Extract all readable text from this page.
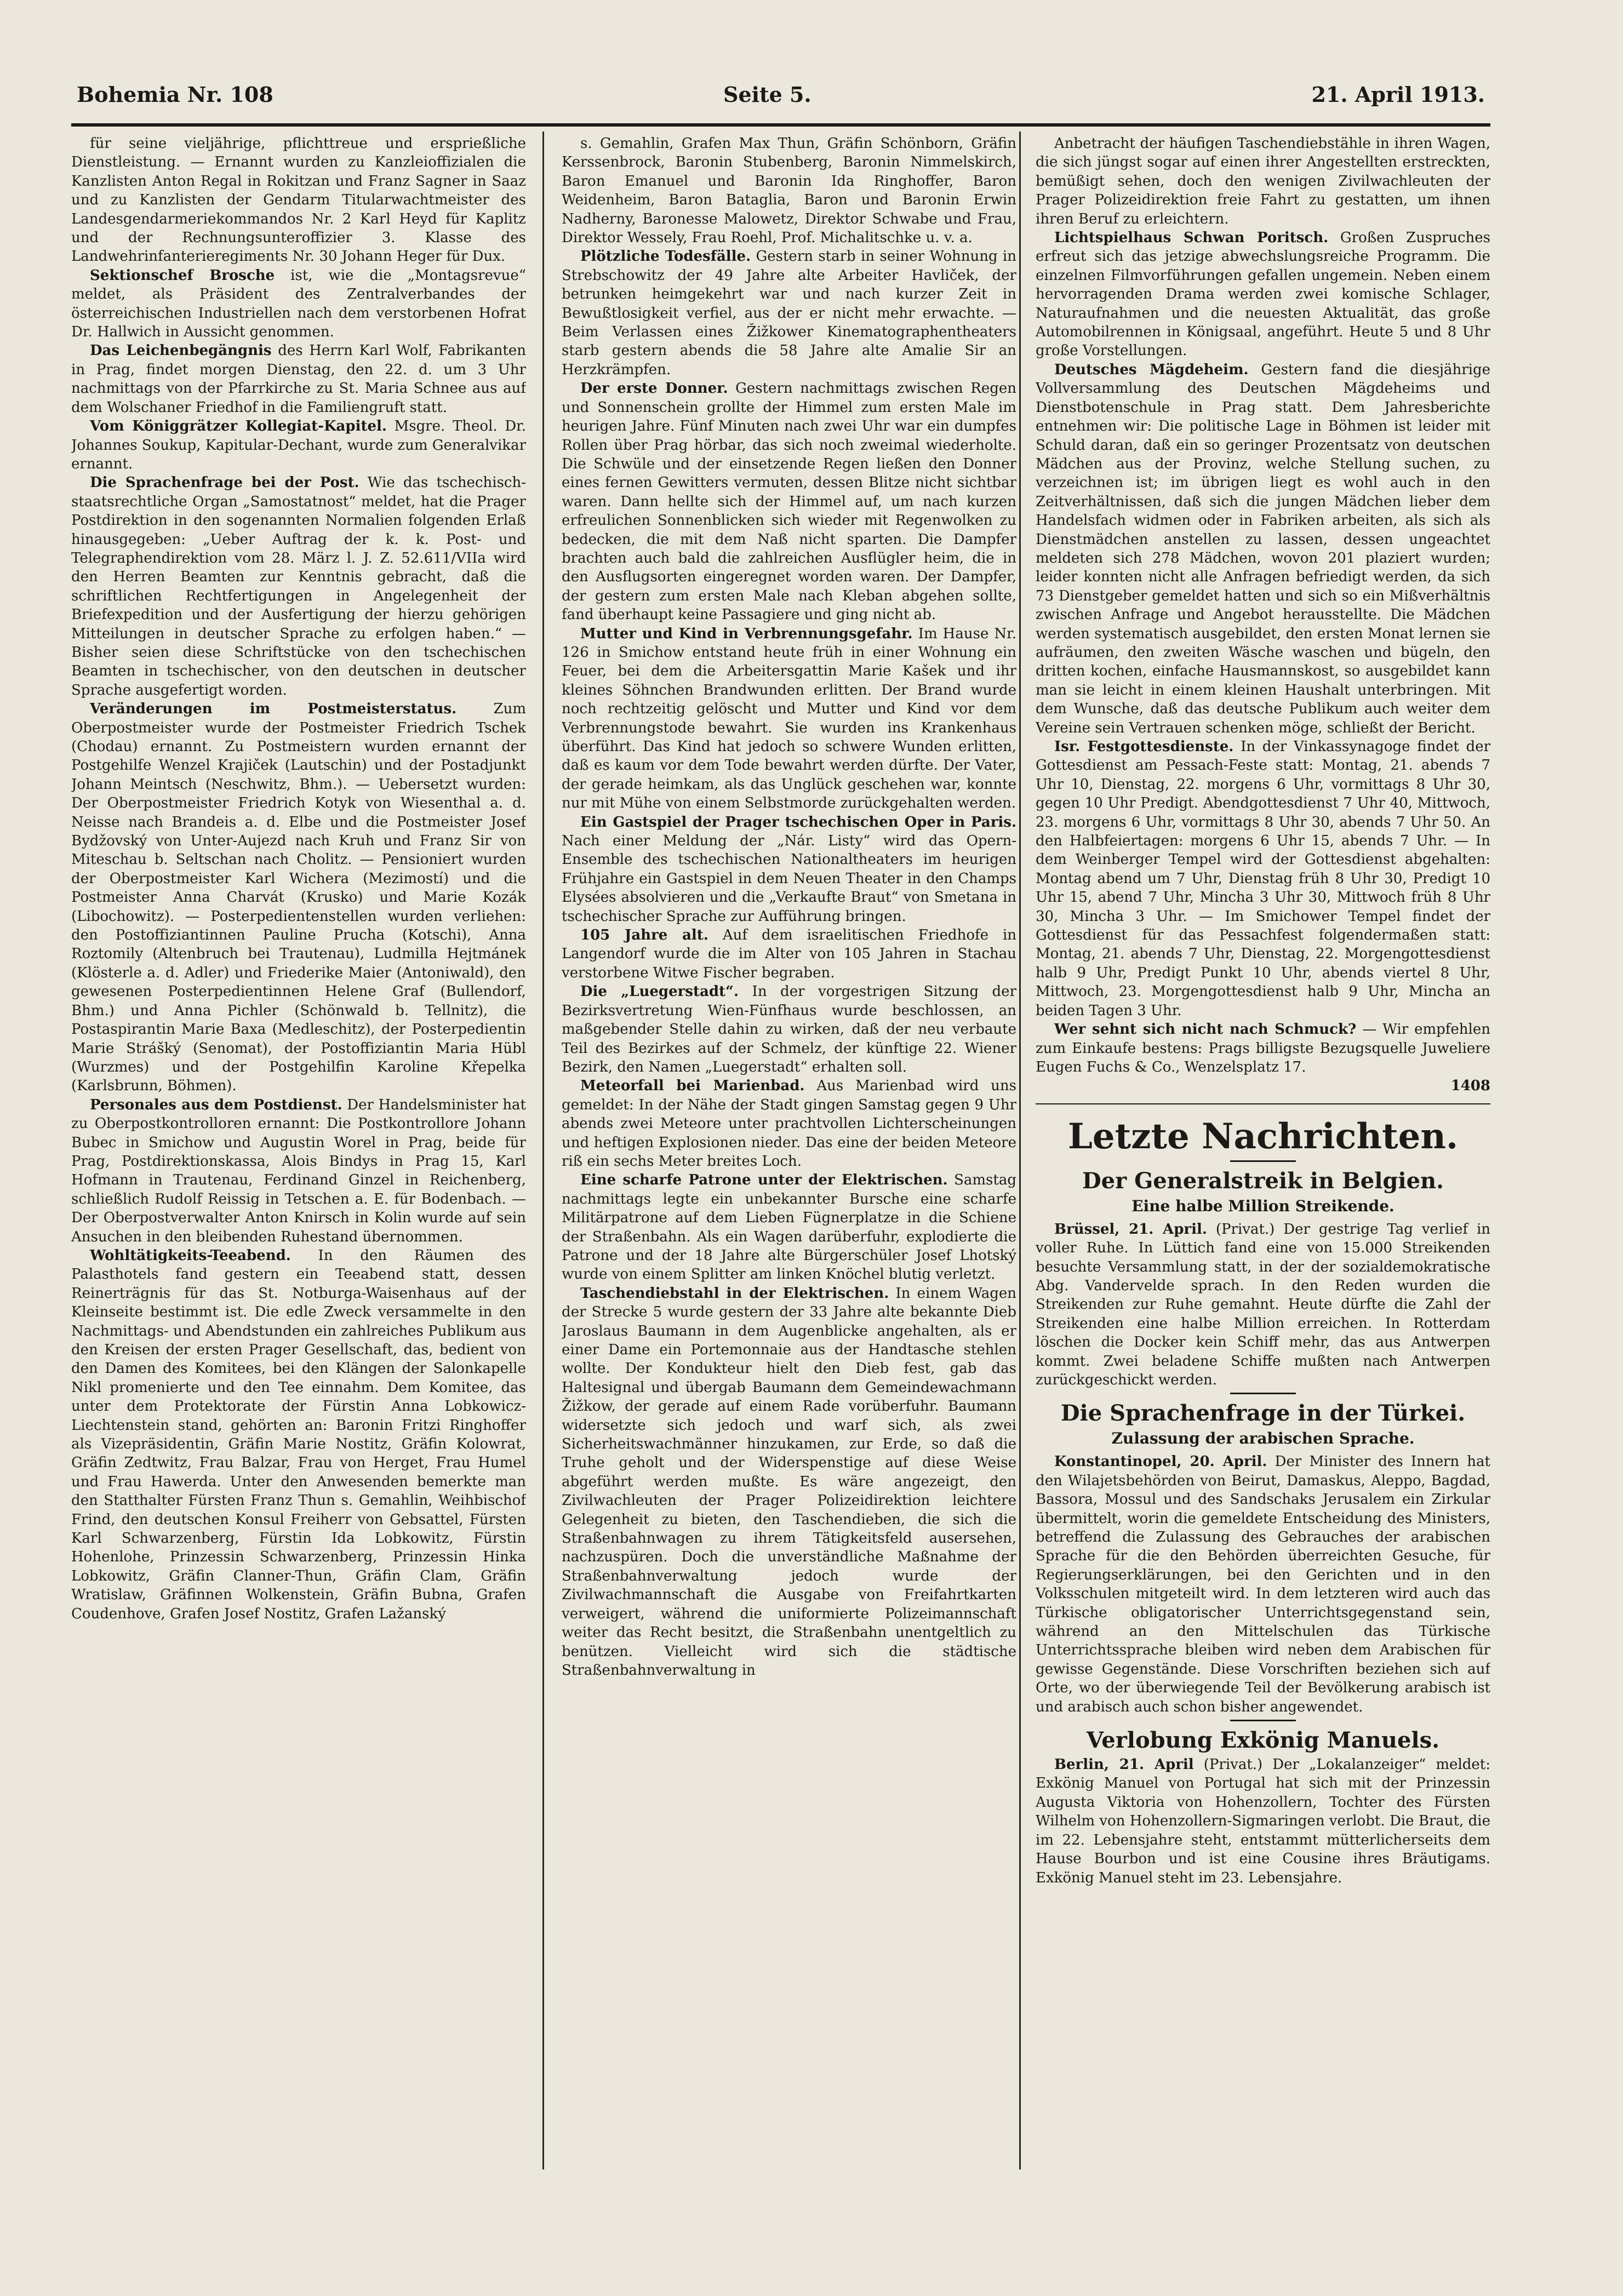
Bohemia Nr. 108	Seite 5.	21. April 1913.

für seine vieljährige, pflichttreue und ersprießliche Dienstleistung. — Ernannt wurden zu Kanzleioffizialen die Kanzlisten Anton Regal in Rokitzan und Franz Sagner in Saaz und zu Kanzlisten der Gendarm Titularwachtmeister des Landesgendarmeriekommandos Nr. 2 Karl Heyd für Kaplitz und der Rechnungsunteroffizier 3. Klasse des Landwehrinfanterieregiments Nr. 30 Johann Heger für Dux.

Sektionschef Brosche ist, wie die „Montagsrevue“ meldet, als Präsident des Zentralverbandes der österreichischen Industriellen nach dem verstorbenen Hofrat Dr. Hallwich in Aussicht genommen.

Das Leichenbegängnis des Herrn Karl Wolf, Fabrikanten in Prag, findet morgen Dienstag, den 22. d. um 3 Uhr nachmittags von der Pfarrkirche zu St. Maria Schnee aus auf dem Wolschaner Friedhof in die Familiengruft statt.

Vom Königgrätzer Kollegiat-Kapitel. Msgre. Theol. Dr. Johannes Soukup, Kapitular-Dechant, wurde zum Generalvikar ernannt.

Die Sprachenfrage bei der Post. Wie das tschechisch-staatsrechtliche Organ „Samostatnost“ meldet, hat die Prager Postdirektion in den sogenannten Normalien folgenden Erlaß hinausgegeben: „Ueber Auftrag der k. k. Post- und Telegraphendirektion vom 28. März l. J. Z. 52.611/VIIa wird den Herren Beamten zur Kenntnis gebracht, daß die schriftlichen Rechtfertigungen in Angelegenheit der Briefexpedition und der Ausfertigung der hierzu gehörigen Mitteilungen in deutscher Sprache zu erfolgen haben.“ — Bisher seien diese Schriftstücke von den tschechischen Beamten in tschechischer, von den deutschen in deutscher Sprache ausgefertigt worden.

Veränderungen im Postmeisterstatus.	Zum Oberpostmeister wurde der Postmeister Friedrich Tschek (Chodau) ernannt. Zu Postmeistern wurden ernannt der Postgehilfe Wenzel Krajiček (Lautschin) und der Postadjunkt Johann Meintsch (Neschwitz, Bhm.). — Uebersetzt wurden: Der Oberpostmeister Friedrich Kotyk von Wiesenthal a. d. Neisse nach Brandeis a. d. Elbe und die Postmeister Josef Bydžovský von Unter-Aujezd nach Kruh und Franz Sir von Miteschau b. Seltschan nach Cholitz. — Pensioniert wurden der Oberpostmeister Karl Wichera (Mezimostí) und die Postmeister Anna Charvát (Krusko) und Marie Kozák (Libochowitz). — Posterpedientenstellen wurden verliehen: den Postoffiziantinnen Pauline Prucha (Kotschi), Anna Roztomily (Altenbruch bei Trautenau), Ludmilla Hejtmánek (Klösterle a. d. Adler) und Friederike Maier (Antoniwald), den gewesenen Posterpedientinnen Helene Graf (Bullendorf, Bhm.) und Anna Pichler (Schönwald b. Tellnitz), die Postaspirantin Marie Baxa (Medleschitz), der Posterpedientin Marie Strášký (Senomat), der Postoffiziantin Maria Hübl (Wurzmes) und der Postgehilfin Karoline Křepelka (Karlsbrunn, Böhmen).

Personales aus dem Postdienst. Der Handelsminister hat zu Oberpostkontrolloren ernannt: Die Postkontrollore Johann Bubec in Smichow und Augustin Worel in Prag, beide für Prag, Postdirektionskassa, Alois Bindys in Prag 15, Karl Hofmann in Trautenau, Ferdinand Ginzel in Reichenberg, schließlich Rudolf Reissig in Tetschen a. E. für Bodenbach. — Der Oberpostverwalter Anton Knirsch in Kolin wurde auf sein Ansuchen in den bleibenden Ruhestand übernommen.

Wohltätigkeits-Teeabend. In den Räumen des Palasthotels fand gestern ein Teeabend statt, dessen Reinerträgnis für das St. Notburga-Waisenhaus auf der Kleinseite bestimmt ist. Die edle Zweck versammelte in den Nachmittags- und Abendstunden ein zahlreiches Publikum aus den Kreisen der ersten Prager Gesellschaft, das, bedient von den Damen des Komitees, bei den Klängen der Salonkapelle Nikl promenierte und den Tee einnahm. Dem Komitee, das unter dem Protektorate der Fürstin Anna Lobkowicz-Liechtenstein stand, gehörten an: Baronin Fritzi Ringhoffer als Vizepräsidentin, Gräfin Marie Nostitz, Gräfin Kolowrat, Gräfin Zedtwitz, Frau Balzar, Frau von Herget, Frau Humel und Frau Hawerda. Unter den Anwesenden bemerkte man den Statthalter Fürsten Franz Thun s. Gemahlin, Weihbischof Frind, den deutschen Konsul Freiherr von Gebsattel, Fürsten Karl Schwarzenberg, Fürstin Ida Lobkowitz, Fürstin Hohenlohe, Prinzessin Schwarzenberg, Prinzessin Hinka Lobkowitz, Gräfin Clanner-Thun, Gräfin Clam, Gräfin Wratislaw, Gräfinnen Wolkenstein, Gräfin Bubna, Grafen Coudenhove, Grafen Josef Nostitz, Grafen Lažanský

s. Gemahlin, Grafen Max Thun, Gräfin Schönborn, Gräfin Kerssenbrock, Baronin Stubenberg, Baronin Nimmelskirch, Baron Emanuel und Baronin Ida Ringhoffer, Baron Weidenheim, Baron Bataglia, Baron und Baronin Erwin Nadherny, Baronesse Malowetz, Direktor Schwabe und Frau, Direktor Wessely, Frau Roehl, Prof. Michalitschke u. v. a.

Plötzliche Todesfälle. Gestern starb in seiner Wohnung in Strebschowitz der 49 Jahre alte Arbeiter Havliček, der betrunken heimgekehrt war und nach kurzer Zeit in Bewußtlosigkeit verfiel, aus der er nicht mehr erwachte. — Beim Verlassen eines Žižkower Kinematographentheaters starb gestern abends die 58 Jahre alte Amalie Sir an Herzkrämpfen.

Der erste Donner. Gestern nachmittags zwischen Regen und Sonnenschein grollte der Himmel zum ersten Male im heurigen Jahre. Fünf Minuten nach zwei Uhr war ein dumpfes Rollen über Prag hörbar, das sich noch zweimal wiederholte. Die Schwüle und der einsetzende Regen ließen den Donner eines fernen Gewitters vermuten, dessen Blitze nicht sichtbar waren. Dann hellte sich der Himmel auf, um nach kurzen erfreulichen Sonnenblicken sich wieder mit Regenwolken zu bedecken, die mit dem Naß nicht sparten. Die Dampfer brachten auch bald die zahlreichen Ausflügler heim, die in den Ausflugsorten eingeregnet worden waren. Der Dampfer, der gestern zum ersten Male nach Kleban abgehen sollte, fand überhaupt keine Passagiere und ging nicht ab.

Mutter und Kind in Verbrennungsgefahr. Im Hause Nr. 126 in Smichow entstand heute früh in einer Wohnung ein Feuer, bei dem die Arbeitersgattin Marie Kašek und ihr kleines Söhnchen Brandwunden erlitten. Der Brand wurde noch rechtzeitig gelöscht und Mutter und Kind vor dem Verbrennungstode bewahrt. Sie wurden ins Krankenhaus überführt. Das Kind hat jedoch so schwere Wunden erlitten, daß es kaum vor dem Tode bewahrt werden dürfte. Der Vater, der gerade heimkam, als das Unglück geschehen war, konnte nur mit Mühe von einem Selbstmorde zurückgehalten werden.

Ein Gastspiel der Prager tschechischen Oper in Paris. Nach einer Meldung der „Nár. Listy“ wird das Opern-Ensemble des tschechischen Nationaltheaters im heurigen Frühjahre ein Gastspiel in dem Neuen Theater in den Champs Elysées absolvieren und die „Verkaufte Braut“ von Smetana in tschechischer Sprache zur Aufführung bringen.

105 Jahre alt. Auf dem israelitischen Friedhofe in Langendorf wurde die im Alter von 105 Jahren in Stachau verstorbene Witwe Fischer begraben.

Die „Luegerstadt“. In der vorgestrigen Sitzung der Bezirksvertretung Wien-Fünfhaus wurde beschlossen, an maßgebender Stelle dahin zu wirken, daß der neu verbaute Teil des Bezirkes auf der Schmelz, der künftige 22. Wiener Bezirk, den Namen „Luegerstadt“ erhalten soll.

Meteorfall bei Marienbad. Aus Marienbad wird uns gemeldet: In der Nähe der Stadt gingen Samstag gegen 9 Uhr abends zwei Meteore unter prachtvollen Lichterscheinungen und heftigen Explosionen nieder. Das eine der beiden Meteore riß ein sechs Meter breites Loch.

Eine scharfe Patrone unter der Elektrischen. Samstag nachmittags legte ein unbekannter Bursche eine scharfe Militärpatrone auf dem Lieben Fügnerplatze in die Schiene der Straßenbahn. Als ein Wagen darüberfuhr, explodierte die Patrone und der 18 Jahre alte Bürgerschüler Josef Lhotský wurde von einem Splitter am linken Knöchel blutig verletzt.

Taschendiebstahl in der Elektrischen. In einem Wagen der Strecke 5 wurde gestern der 33 Jahre alte bekannte Dieb Jaroslaus Baumann in dem Augenblicke angehalten, als er einer Dame ein Portemonnaie aus der Handtasche stehlen wollte. Der Kondukteur hielt den Dieb fest, gab das Haltesignal und übergab Baumann dem Gemeindewachmann Žižkow, der gerade auf einem Rade vorüberfuhr. Baumann widersetzte sich jedoch und warf sich, als zwei Sicherheitswachmänner hinzukamen, zur Erde, so daß die Truhe geholt und der Widerspenstige auf diese Weise abgeführt werden mußte. Es wäre angezeigt, den Zivilwachleuten der Prager Polizeidirektion leichtere Gelegenheit zu bieten, den Taschendieben, die sich die Straßenbahnwagen zu ihrem Tätigkeitsfeld ausersehen, nachzuspüren. Doch die unverständliche Maßnahme der Straßenbahnverwaltung jedoch wurde der Zivilwachmannschaft die Ausgabe von Freifahrtkarten verweigert, während die uniformierte Polizeimannschaft weiter das Recht besitzt, die Straßenbahn unentgeltlich zu benützen. Vielleicht wird sich die städtische Straßenbahnverwaltung in

Anbetracht der häufigen Taschendiebstähle in ihren Wagen, die sich jüngst sogar auf einen ihrer Angestellten erstreckten, bemüßigt sehen, doch den wenigen Zivilwachleuten der Prager Polizeidirektion freie Fahrt zu gestatten, um ihnen ihren Beruf zu erleichtern.

Lichtspielhaus Schwan Poritsch. Großen Zuspruches erfreut sich das jetzige abwechslungsreiche Programm. Die einzelnen Filmvorführungen gefallen ungemein. Neben einem hervorragenden Drama werden zwei komische Schlager, Naturaufnahmen und die neuesten Aktualität, das große Automobilrennen in Königsaal, angeführt. Heute 5 und 8 Uhr große Vorstellungen.

Deutsches Mägdeheim. Gestern fand die diesjährige Vollversammlung des Deutschen Mägdeheims und Dienstbotenschule in Prag statt. Dem Jahresberichte entnehmen wir: Die politische Lage in Böhmen ist leider mit Schuld daran, daß ein so geringer Prozentsatz von deutschen Mädchen aus der Provinz, welche Stellung suchen, zu verzeichnen ist; im übrigen liegt es wohl auch in den Zeitverhältnissen, daß sich die jungen Mädchen lieber dem Handelsfach widmen oder in Fabriken arbeiten, als sich als Dienstmädchen anstellen zu lassen, dessen ungeachtet meldeten sich 278 Mädchen, wovon 201 plaziert wurden; leider konnten nicht alle Anfragen befriedigt werden, da sich 73 Dienstgeber gemeldet hatten und sich so ein Mißverhältnis zwischen Anfrage und Angebot herausstellte. Die Mädchen werden systematisch ausgebildet, den ersten Monat lernen sie aufräumen, den zweiten Wäsche waschen und bügeln, den dritten kochen, einfache Hausmannskost, so ausgebildet kann man sie leicht in einem kleinen Haushalt unterbringen. Mit dem Wunsche, daß das deutsche Publikum auch weiter dem Vereine sein Vertrauen schenken möge, schließt der Bericht.

Isr. Festgottesdienste. In der Vinkassynagoge findet der Gottesdienst am Pessach-Feste statt: Montag, 21. abends 7 Uhr 10, Dienstag, 22. morgens 6 Uhr, vormittags 8 Uhr 30, gegen 10 Uhr Predigt. Abendgottesdienst 7 Uhr 40, Mittwoch, 23. morgens 6 Uhr, vormittags 8 Uhr 30, abends 7 Uhr 50. An den Halbfeiertagen: morgens 6 Uhr 15, abends 7 Uhr. — In dem Weinberger Tempel wird der Gottesdienst abgehalten: Montag abend um 7 Uhr, Dienstag früh 8 Uhr 30, Predigt 10 Uhr 15, abend 7 Uhr, Mincha 3 Uhr 30, Mittwoch früh 8 Uhr 30, Mincha 3 Uhr. — Im Smichower Tempel findet der Gottesdienst für das Pessachfest folgendermaßen statt: Montag, 21. abends 7 Uhr, Dienstag, 22. Morgengottesdienst halb 9 Uhr, Predigt Punkt 10 Uhr, abends viertel 8 Uhr, Mittwoch, 23. Morgengottesdienst halb 9 Uhr, Mincha an beiden Tagen 3 Uhr.

Wer sehnt sich nicht nach Schmuck? — Wir empfehlen zum Einkaufe bestens: Prags billigste Bezugsquelle Juweliere Eugen Fuchs & Co., Wenzelsplatz 17.

1408

Letzte Nachrichten.
Der Generalstreik in Belgien.
Eine halbe Million Streikende.

Brüssel, 21. April. (Privat.) Der gestrige Tag verlief in voller Ruhe. In Lüttich fand eine von 15.000 Streikenden besuchte Versammlung statt, in der der sozialdemokratische Abg. Vandervelde sprach. In den Reden wurden die Streikenden zur Ruhe gemahnt. Heute dürfte die Zahl der Streikenden eine halbe Million erreichen. In Rotterdam löschen die Docker kein Schiff mehr, das aus Antwerpen kommt. Zwei beladene Schiffe mußten nach Antwerpen zurückgeschickt werden.

Die Sprachenfrage in der Türkei.
Zulassung der arabischen Sprache.

Konstantinopel, 20. April. Der Minister des Innern hat den Wilajetsbehörden von Beirut, Damaskus, Aleppo, Bagdad, Bassora, Mossul und des Sandschaks Jerusalem ein Zirkular übermittelt, worin die gemeldete Entscheidung des Ministers, betreffend die Zulassung des Gebrauches der arabischen Sprache für die den Behörden überreichten Gesuche, für Regierungserklärungen, bei den Gerichten und in den Volksschulen mitgeteilt wird. In dem letzteren wird auch das Türkische obligatorischer Unterrichtsgegenstand sein, während an den Mittelschulen das Türkische Unterrichtssprache bleiben wird neben dem Arabischen für gewisse Gegenstände. Diese Vorschriften beziehen sich auf Orte, wo der überwiegende Teil der Bevölkerung arabisch ist und arabisch auch schon bisher angewendet.

Verlobung Exkönig Manuels.

Berlin, 21. April (Privat.) Der „Lokalanzeiger“ meldet: Exkönig Manuel von Portugal hat sich mit der Prinzessin Augusta Viktoria von Hohenzollern, Tochter des Fürsten Wilhelm von Hohenzollern-Sigmaringen verlobt. Die Braut, die im 22. Lebensjahre steht, entstammt mütterlicherseits dem Hause Bourbon und ist eine Cousine ihres Bräutigams. Exkönig Manuel steht im 23. Lebensjahre.
